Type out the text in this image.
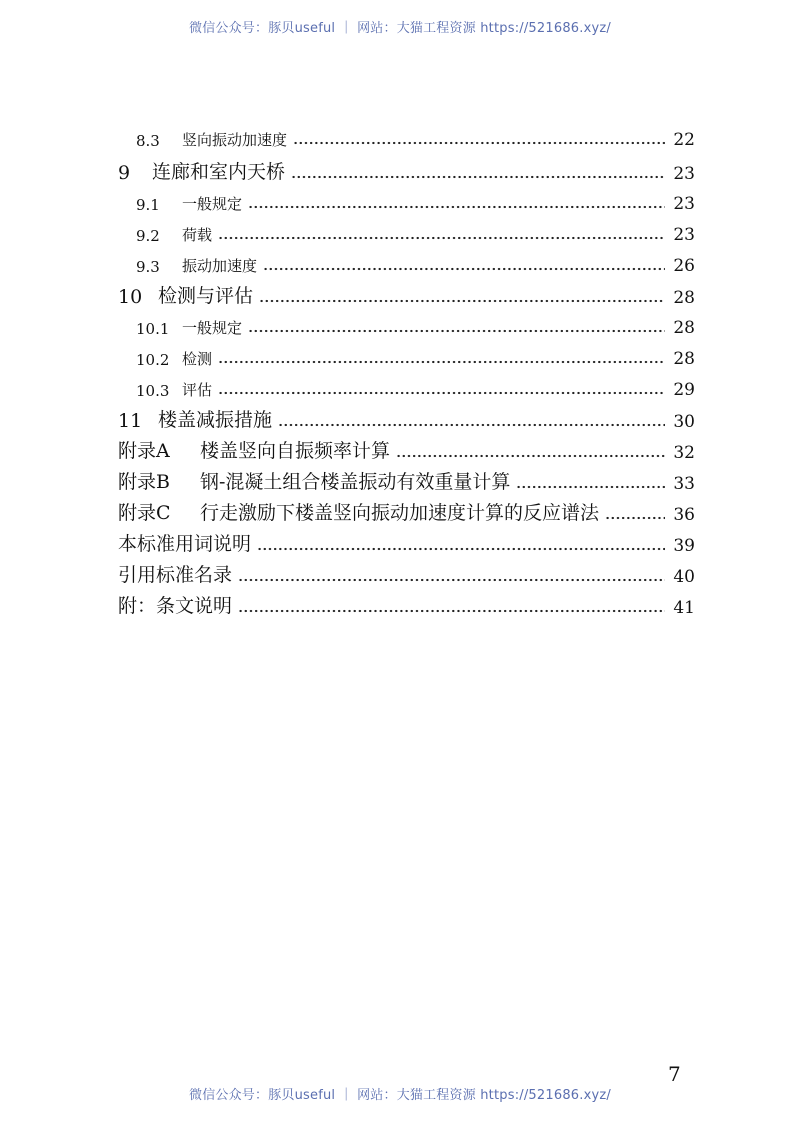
微信公众号：豚贝useful ｜ 网站：大猫工程资源 https://521686.xyz/
8.3	竖向振动加速度	22
9	连廊和室内天桥	23
9.1	一般规定	23
9.2	荷载	23
9.3	振动加速度	26
10 检测与评估	28
10.1 一般规定	28
10.2 检测	28
10.3 评估	29
11 楼盖减振措施	30
附录A	楼盖竖向自振频率计算	32
附录B	钢-混凝土组合楼盖振动有效重量计算	33
附录C	行走激励下楼盖竖向振动加速度计算的反应谱法	36
本标准用词说明	39
引用标准名录	40
附：条文说明	41
7
微信公众号：豚贝useful ｜ 网站：大猫工程资源 https://521686.xyz/
